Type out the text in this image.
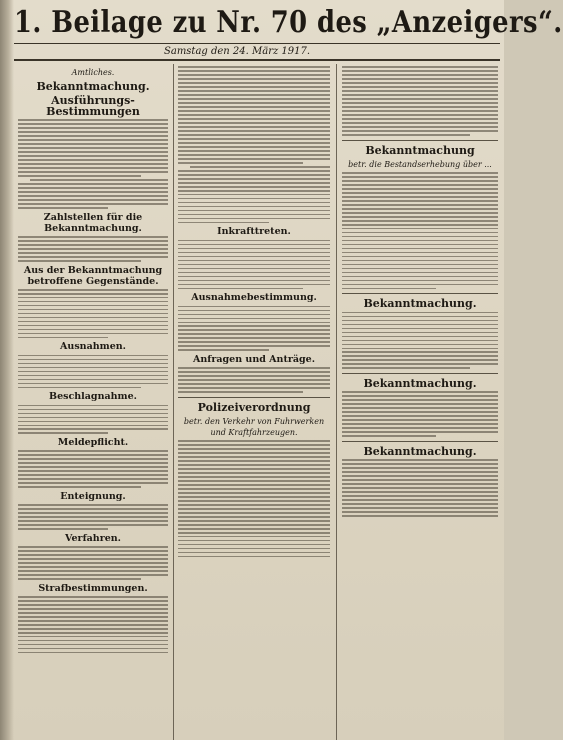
1. Beilage zu Nr. 70 des „Anzeigers“.
Samstag den 24. März 1917.
Amtliches.
Bekanntmachung.
Ausführungs-Bestimmungen
Zahlstellen für die Bekanntmachung.
Aus der Bekanntmachung betroffene Gegenstände.
Ausnahmen.
Beschlagnahme.
Meldepflicht.
Enteignung.
Verfahren.
Strafbestimmungen.
Inkrafttreten.
Ausnahmebestimmung.
Anfragen und Anträge.
Polizeiverordnung
betr. den Verkehr von Fuhrwerken und Kraftfahrzeugen.
Bekanntmachung
betr. die Bestandserhebung über ...
Bekanntmachung.
Bekanntmachung.
Bekanntmachung.
